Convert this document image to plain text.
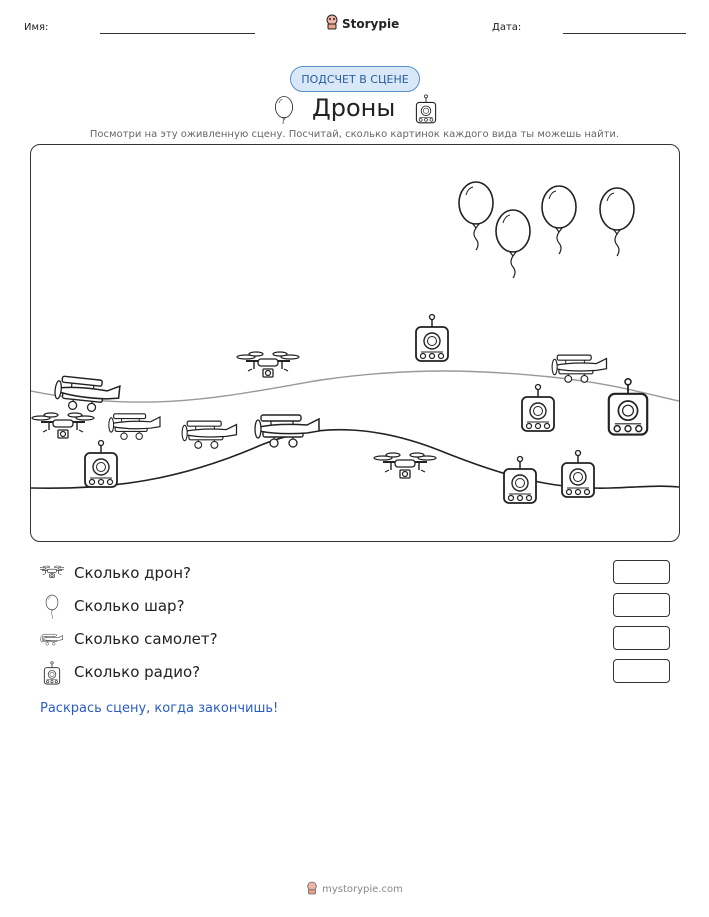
Имя:	Storypie	Дата:
ПОДСЧЕТ В СЦЕНЕ
Дроны
Посмотри на эту оживленную сцену. Посчитай, сколько картинок каждого вида ты можешь найти.
Сколько дрон?
Сколько шар?
Сколько самолет?
Сколько радио?
Раскрась сцену, когда закончишь!
mystorypie.com
